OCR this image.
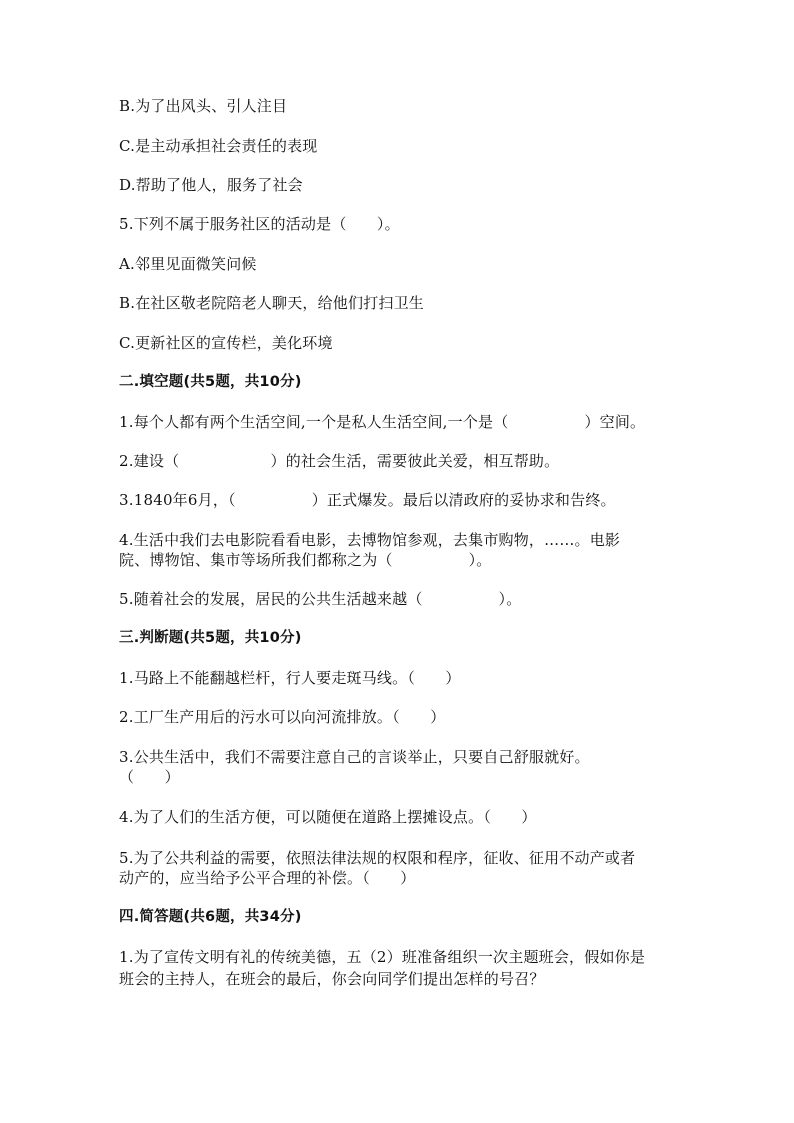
B.为了出风头、引人注目
C.是主动承担社会责任的表现
D.帮助了他人，服务了社会
5.下列不属于服务社区的活动是（　　）。
A.邻里见面微笑问候
B.在社区敬老院陪老人聊天，给他们打扫卫生
C.更新社区的宣传栏，美化环境
二.填空题(共5题，共10分)
1.每个人都有两个生活空间,一个是私人生活空间,一个是（　　　　　）空间。
2.建设（　　　　　　）的社会生活，需要彼此关爱，相互帮助。
3.1840年6月，（　　　　　）正式爆发。最后以清政府的妥协求和告终。
4.生活中我们去电影院看看电影，去博物馆参观，去集市购物，……。电影
院、博物馆、集市等场所我们都称之为（　　　　　）。
5.随着社会的发展，居民的公共生活越来越（　　　　　）。
三.判断题(共5题，共10分)
1.马路上不能翻越栏杆，行人要走斑马线。（　　）
2.工厂生产用后的污水可以向河流排放。（　　）
3.公共生活中，我们不需要注意自己的言谈举止，只要自己舒服就好。
（　　）
4.为了人们的生活方便，可以随便在道路上摆摊设点。（　　）
5.为了公共利益的需要，依照法律法规的权限和程序，征收、征用不动产或者
动产的，应当给予公平合理的补偿。（　　）
四.简答题(共6题，共34分)
1.为了宣传文明有礼的传统美德，五（2）班准备组织一次主题班会，假如你是
班会的主持人，在班会的最后，你会向同学们提出怎样的号召？
